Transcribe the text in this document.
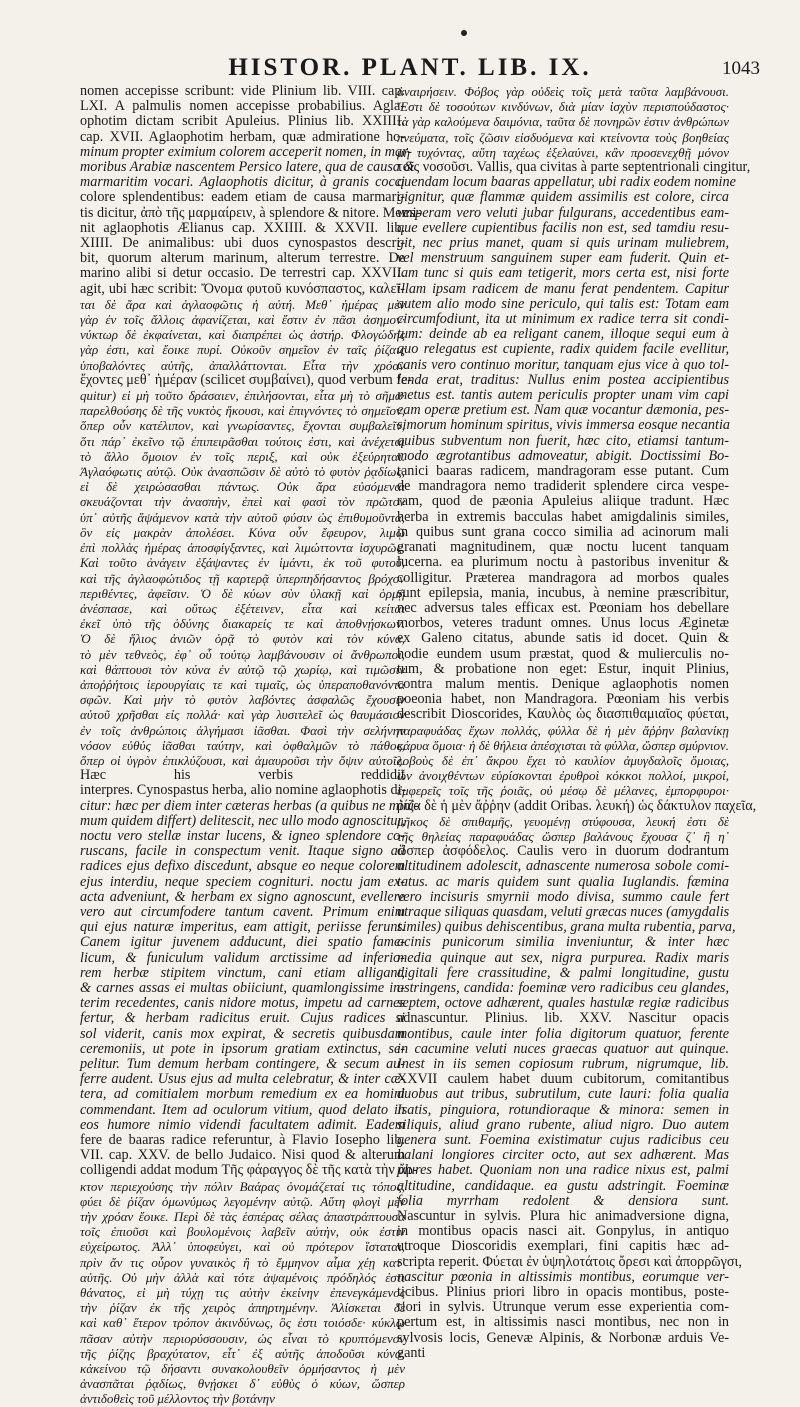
HISTOR. PLANT. LIB. IX.	1043
nomen accepisse scribunt: vide Plinium lib. VIII. cap.
LXI. A palmulis nomen accepisse probabilius. Agla-
ophotim dictam scribit Apuleius. Plinius lib. XXIIII.
cap. XVII. Aglaophotim herbam, quæ admiratione ho-
minum propter eximium colorem acceperit nomen, in mar-
moribus Arabiæ nascentem Persico latere, qua de causa &
marmaritim vocari. Aglaophotis dicitur, à granis cocci
colore splendentibus: eadem etiam de causa marmari-
tis dicitur, ἀπὸ τῆς μαρμαίρειν, à splendore & nitore. Memi-
nit aglaophotis Ælianus cap. XXIIII. & XXVII. lib.
XIIII. De animalibus: ubi duos cynospastos descri-
bit, quorum alterum marinum, alterum terrestre. De
marino alibi si detur occasio. De terrestri cap. XXVII.
agit, ubi hæc scribit: Ὄνομα φυτοῦ κυνόσπαστος, καλεῖ-
ται δὲ ἄρα καὶ ἀγλαοφῶτις ἡ αὐτή. Μεθ᾽ ἡμέρας μὲν
γὰρ ἐν τοῖς ἄλλοις ἀφανίζεται, καὶ ἔστιν ἐν πᾶσι ἀσημον·
νύκτωρ δὲ ἐκφαίνεται, καὶ διαπρέπει ὡς ἀστήρ. Φλογώδης
γὰρ ἐστι, καὶ ἔοικε πυρί. Οὐκοῦν σημεῖον ἐν ταῖς ῥίζαις
ὑποβαλόντες αὐτῆς, ἀπαλλάττονται. Εἶτα τὴν χρόαν
ἔχοντες μεθ᾽ ἡμέραν (scilicet συμβαίνει), quod verbum fe-
quitur) εἰ μὴ τοῦτο δράσαιεν, ἐπιλήσονται, εἶτα μὴ τὸ σῆμα·
παρελθούσης δὲ τῆς νυκτὸς ἥκουσι, καὶ ἐπιγνόντες τὸ σημεῖον,
ὅπερ οὖν κατέλιπον, καὶ γνωρίσαντες, ἔχονται συμβαλεῖν,
ὅτι πάρ᾽ ἐκεῖνο τῷ ἐπιπειρᾶσθαι τούτοις ἐστι, καὶ ἀνέχεται
τὸ ἄλλο ὅμοιον ἐν τοῖς περιξ, καὶ οὐκ ἐξεύρηται.
Ἀγλαόφωτις αὐτῷ. Οὐκ ἀνασπῶσιν δὲ αὐτὸ τὸ φυτὸν ῥᾳδίως,
εἰ δὲ χειρώσασθαι πάντως. Οὐκ ἄρα εὐσόμεναι
σκευάζονται τὴν ἀνασπὴν, ἐπεὶ καὶ φασὶ τὸν πρῶτον
ὑπ᾽ αὐτῆς ἅψάμενον κατὰ τὴν αὐτοῦ φύσιν ὡς ἐπιθυμοῦντα,
ὃν εἰς μακρὰν ἀπολέσει. Κύνα οὖν ἔφευρον, λιμῷ
ἐπὶ πολλὰς ἡμέρας ἀποσφίγξαντες, καὶ λιμώττοντα ἰσχυρῶς.
Καὶ τοῦτο ἀνάγειν ἐξάψαντες ἐν ἱμάντι, ἐκ τοῦ φυτοῦ,
καὶ τῆς ἀγλαοφώτιδος τῇ καρτερᾷ ὑπερπηδήσαντος βρόχον
περιθέντες, ἀφεῖσιν. Ὁ δὲ κύων σὺν ὑλακῇ καὶ ὁρμῇ
ἀνέσπασε, καὶ οὕτως ἐξέτεινεν, εἶτα καὶ κείται
ἐκεῖ ὑπὸ τῆς ὁδύνης διακαρείς τε καὶ ἀποθνῄσκων.
Ὁ δὲ ἥλιος ἀνιῶν ὁρᾷ τὸ φυτὸν καὶ τὸν κύνα,
τὸ μὲν τεθνεὸς, ἐφ᾽ οὗ τούτῳ λαμβάνουσιν οἱ ἄνθρωποι,
καὶ θάπτουσι τὸν κύνα ἐν αὐτῷ τῷ χωρίῳ, καὶ τιμῶσιν
ἀποῤῥήτοις ἱερουργίαις τε καὶ τιμαῖς, ὡς ὑπεραποθανόντα
σφῶν. Καὶ μὴν τὸ φυτὸν λαβόντες ἀσφαλῶς ἔχουσιν
αὐτοῦ χρῆσθαι εἰς πολλά· καὶ γὰρ λυσιτελεῖ ὡς θαυμάσιον
ἐν τοῖς ἀνθρώποις ἀλγήμασι ἰᾶσθαι. Φασὶ τὴν σελήνην
νόσον εὐθύς ἰᾶσθαι ταύτην, καὶ ὀφθαλμῶν τὸ πάθος,
ὅπερ οἱ ὑγρὸν ἐπικλύζουσι, καὶ ἀμαυροῦσι τὴν ὄψιν αὐτοῖς.
Hæc his verbis reddidit
interpres. Cynospastus herba, alio nomine aglaophotis di-
citur: hæc per diem inter cæteras herbas (a quibus ne mini-
mum quidem differt) delitescit, nec ullo modo agnoscitur,
noctu vero stellæ instar lucens, & igneo splendore co-
ruscans, facile in conspectum venit. Itaque signo ad
radices ejus defixo discedunt, absque eo neque colorem
ejus interdiu, neque speciem cognituri. noctu jam ex-
acta adveniunt, & herbam ex signo agnoscunt, evellere
vero aut circumfodere tantum cavent. Primum enim
qui ejus naturæ imperitus, eam attigit, periisse ferunt.
Canem igitur juvenem adducunt, diei spatio fame-
licum, & funiculum validum arctissime ad inferio-
rem herbæ stipitem vinctum, cani etiam alligant,
& carnes assas ei multas obiiciunt, quamlongissime in-
terim recedentes, canis nidore motus, impetu ad carnes
fertur, & herbam radicitus eruit. Cujus radices si
sol viderit, canis mox expirat, & secretis quibusdam
ceremoniis, ut pote in ipsorum gratiam extinctus, se-
pelitur. Tum demum herbam contingere, & secum au-
ferre audent. Usus ejus ad multa celebratur, & inter cæ-
tera, ad comitialem morbum remedium ex ea homini
commendant. Item ad oculorum vitium, quod delato in
eos humore nimio videndi facultatem adimit. Eadem
fere de baaras radice referuntur, à Flavio Iosepho lib.
VII. cap. XXV. de bello Judaico. Nisi quod & alterum
colligendi addat modum Τῆς φάραγγος δὲ τῆς κατὰ τὴν ἄρ-
κτον περιεχούσης τὴν πόλιν Βαάρας ὀνομάζεταί τις τόπος,
φύει δὲ ῥίζαν ὁμωνύμως λεγομένην αὐτῷ. Αὕτη φλογὶ μὲν
τὴν χρόαν ἔοικε. Περὶ δὲ τὰς ἑσπέρας σέλας ἀπαστράπτουσα
τοῖς ἐπιοῦσι καὶ βουλομένοις λαβεῖν αὐτὴν, οὐκ ἐστιν
εὐχείρωτος. Ἀλλ᾽ ὑποφεύγει, καὶ οὐ πρότερον ἵσταται,
πρὶν ἄν τις οὖρον γυναικὸς ἢ τὸ ἔμμηνον αἷμα χέῃ κατ᾽
αὐτῆς. Οὐ μὴν ἀλλὰ καὶ τότε ἁψαμένοις πρόδηλός ἐστι
θάνατος, εἰ μὴ τύχῃ τις αὐτὴν ἐκείνην ἐπενεγκάμενος
τὴν ῥίζαν ἐκ τῆς χειρὸς ἀπηρτημένην. Ἁλίσκεται δὲ
καὶ καθ᾽ ἕτερον τρόπον ἀκινδύνως, ὃς ἐστι τοιόσδε· κύκλῳ
πᾶσαν αὐτὴν περιορύσσουσιν, ὡς εἶναι τὸ κρυπτόμενον
τῆς ῥίζης βραχύτατον, εἶτ᾽ ἐξ αὐτῆς ἀποδοῦσι κύνα,
κἀκείνου τῷ δήσαντι συνακολουθεῖν ὁρμήσαντος ἡ μὲν
ἀνασπᾶται ῥᾳδίως, θνῄσκει δ᾽ εὐθὺς ὁ κύων, ὥσπερ
ἀντιδοθεὶς τοῦ μέλλοντος τὴν βοτάνην
ἀναιρήσειν. Φόβος γὰρ οὐδεὶς τοῖς μετὰ ταῦτα λαμβάνουσι.
Ἔστι δὲ τοσούτων κινδύνων, διὰ μίαν ἰσχὺν περισπούδαστος·
τὰ γὰρ καλούμενα δαιμόνια, ταῦτα δὲ πονηρῶν ἐστιν ἀνθρώπων
πνεύματα, τοῖς ζῶσιν εἰσδυόμενα καὶ κτείνοντα τοὺς βοηθείας
μὴ τυχόντας, αὕτη ταχέως ἐξελαύνει, κἂν προσενεχθῇ μόνον
τοῖς νοσοῦσι. Vallis, qua civitas à parte septentrionali cingitur,
quendam locum baaras appellatur, ubi radix eodem nomine
gignitur, quæ flammæ quidem assimilis est colore, circa
vesperam vero veluti jubar fulgurans, accedentibus eam-
que evellere cupientibus facilis non est, sed tamdiu resu-
git, nec prius manet, quam si quis urinam muliebrem,
vel menstruum sanguinem super eam fuderit. Quin et-
iam tunc si quis eam tetigerit, mors certa est, nisi forte
illam ipsam radicem de manu ferat pendentem. Capitur
autem alio modo sine periculo, qui talis est: Totam eam
circumfodiunt, ita ut minimum ex radice terra sit condi-
tum: deinde ab ea religant canem, illoque sequi eum à
quo relegatus est cupiente, radix quidem facile evellitur,
canis vero continuo moritur, tanquam ejus vice à quo tol-
lenda erat, traditus: Nullus enim postea accipientibus
metus est. tantis autem periculis propter unam vim capi
eam operæ pretium est. Nam quæ vocantur dæmonia, pes-
simorum hominum spiritus, vivis immersa eosque necantia
quibus subventum non fuerit, hæc cito, etiamsi tantum-
modo ægrotantibus admoveatur, abigit. Doctissimi Bo-
tanici baaras radicem, mandragoram esse putant. Cum
de mandragora nemo tradiderit splendere circa vespe-
ram, quod de pæonia Apuleius aliique tradunt. Hæc
herba in extremis bacculas habet amigdalinis similes,
in quibus sunt grana cocco similia ad acinorum mali
granati magnitudinem, quæ noctu lucent tanquam
lucerna. ea plurimum noctu à pastoribus invenitur &
colligitur. Præterea mandragora ad morbos quales
sunt epilepsia, mania, incubus, à nemine præscribitur,
nec adversus tales efficax est. Pœoniam hos debellare
morbos, veteres tradunt omnes. Unus locus Æginetæ
ex Galeno citatus, abunde satis id docet. Quin &
hodie eundem usum præstat, quod & mulierculis no-
tum, & probatione non eget: Estur, inquit Plinius,
contra malum mentis. Denique aglaophotis nomen
poeonia habet, non Mandragora. Pœoniam his verbis
describit Dioscorides, Καυλὸς ὡς διασπιθαμιαῖος φύεται,
παραφυάδας ἔχων πολλάς, φύλλα δὲ ἡ μὲν ἄῤῥην βαλανίκῃ
κάρυα ὅμοια· ἡ δὲ θήλεια ἀπέσχισται τὰ φύλλα, ὥσπερ σμύρνιον.
λοβοὺς δὲ ἐπ᾽ ἄκρου ἔχει τὸ καυλίον ἀμυγδαλοῖς ὅμοιας,
ὧν ἀνοιχθέντων εὑρίσκονται ἐρυθροὶ κόκκοι πολλοί, μικροί,
ἐμφερεῖς τοῖς τῆς ῥοιᾶς, οὐ μέσῳ δὲ μέλανες, ἐμπορφυροι·
ῥίζα δὲ ἡ μὲν ἄῤῥην (addit Oribas. λευκή) ὡς δάκτυλον παχεῖα,
μῆκος δὲ σπιθαμῆς, γευομένῃ στύφουσα, λευκή ἐστι δὲ
τῆς θηλείας παραφυάδας ὥσπερ βαλάνους ἔχουσα ζ᾽ ἢ η᾽
ὥσπερ ἀσφόδελος. Caulis vero in duorum dodrantum
altitudinem adolescit, adnascente numerosa sobole comi-
tatus. ac maris quidem sunt qualia Iuglandis. fæmina
vero incisuris smyrnii modo divisa, summo caule fert
utraque siliquas quasdam, veluti græcas nuces (amygdalis
similes) quibus dehiscentibus, grana multa rubentia, parva,
acinis punicorum similia inveniuntur, & inter hæc
media quinque aut sex, nigra purpurea. Radix maris
digitali fere crassitudine, & palmi longitudine, gustu
astringens, candida: foeminæ vero radicibus ceu glandes,
septem, octove adhærent, quales hastulæ regiæ radicibus
adnascuntur. Plinius. lib. XXV. Nascitur opacis
montibus, caule inter folia digitorum quatuor, ferente
in cacumine veluti nuces graecas quatuor aut quinque.
Inest in iis semen copiosum rubrum, nigrumque, lib.
XXVII caulem habet duum cubitorum, comitantibus
duobus aut tribus, subrutilum, cute lauri: folia qualia
Isatis, pinguiora, rotundioraque & minora: semen in
siliquis, aliud grano rubente, aliud nigro. Duo autem
genera sunt. Foemina existimatur cujus radicibus ceu
balani longiores circiter octo, aut sex adhærent. Mas
plures habet. Quoniam non una radice nixus est, palmi
altitudine, candidaque. ea gustu adstringit. Foeminæ
folia myrrham redolent & densiora sunt.
Nascuntur in sylvis. Plura hic animadversione digna,
in montibus opacis nasci ait. Gonpylus, in antiquo
utroque Dioscoridis exemplari, fini capitis hæc ad-
scripta reperit. Φύεται ἐν ὑψηλοτάτοις ὄρεσι καὶ ἀπορρῶγσι,
nascitur pœonia in altissimis montibus, eorumque ver-
ticibus. Plinius priori libro in opacis montibus, poste-
riori in sylvis. Utrunque verum esse experientia com-
pertum est, in altissimis nasci montibus, nec non in
sylvosis locis, Genevæ Alpinis, & Norbonæ arduis Ve-
ganti
